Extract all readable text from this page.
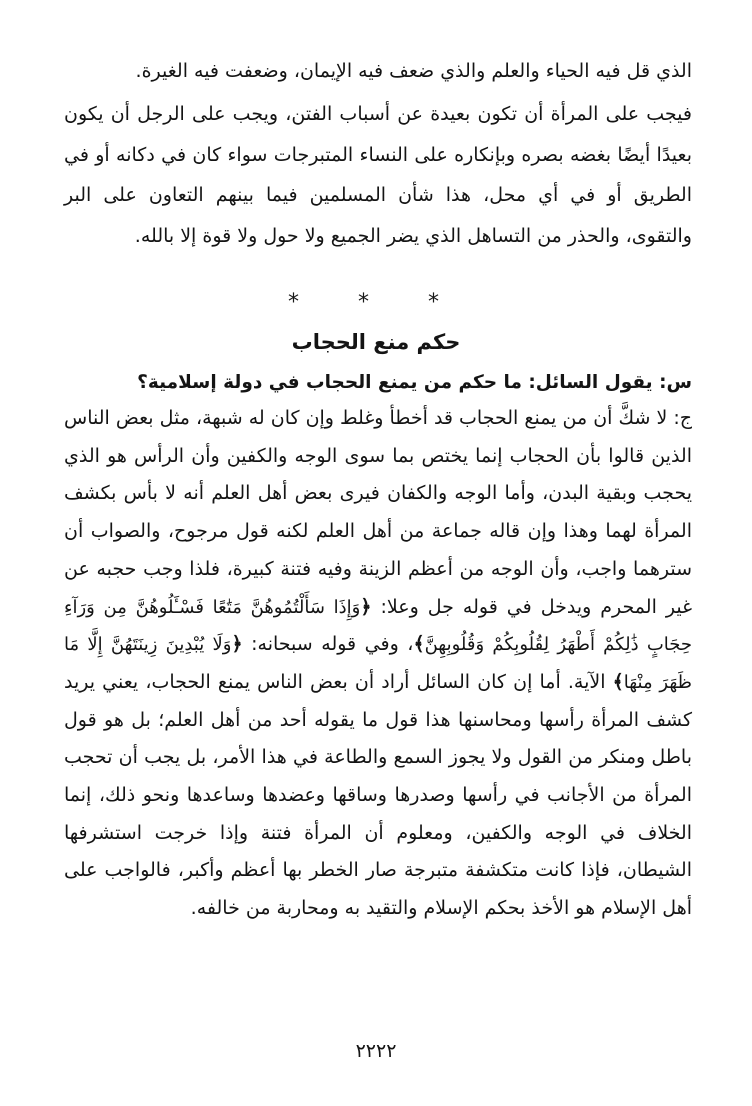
الذي قل فيه الحياء والعلم والذي ضعف فيه الإيمان، وضعفت فيه الغيرة.

فيجب على المرأة أن تكون بعيدة عن أسباب الفتن، ويجب على الرجل أن يكون بعيدًا أيضًا بغضه بصره وبإنكاره على النساء المتبرجات سواء كان في دكانه أو في الطريق أو في أي محل، هذا شأن المسلمين فيما بينهم التعاون على البر والتقوى، والحذر من التساهل الذي يضر الجميع ولا حول ولا قوة إلا بالله.

*	*	*
حكم منع الحجاب

س: يقول السائل: ما حكم من يمنع الحجاب في دولة إسلامية؟

ج: لا شكَّ أن من يمنع الحجاب قد أخطأ وغلط وإن كان له شبهة، مثل بعض الناس الذين قالوا بأن الحجاب إنما يختص بما سوى الوجه والكفين وأن الرأس هو الذي يحجب وبقية البدن، وأما الوجه والكفان فيرى بعض أهل العلم أنه لا بأس بكشف المرأة لهما وهذا وإن قاله جماعة من أهل العلم لكنه قول مرجوح، والصواب أن سترهما واجب، وأن الوجه من أعظم الزينة وفيه فتنة كبيرة، فلذا وجب حجبه عن غير المحرم ويدخل في قوله جل وعلا: ﴿وَإِذَا سَأَلْتُمُوهُنَّ مَتَٰعًا فَسْـَٔلُوهُنَّ مِن وَرَآءِ حِجَابٍ ذَٰلِكُمْ أَطْهَرُ لِقُلُوبِكُمْ وَقُلُوبِهِنَّ﴾، وفي قوله سبحانه: ﴿وَلَا يُبْدِينَ زِينَتَهُنَّ إِلَّا مَا ظَهَرَ مِنْهَا﴾ الآية. أما إن كان السائل أراد أن بعض الناس يمنع الحجاب، يعني يريد كشف المرأة رأسها ومحاسنها هذا قول ما يقوله أحد من أهل العلم؛ بل هو قول باطل ومنكر من القول ولا يجوز السمع والطاعة في هذا الأمر، بل يجب أن تحجب المرأة من الأجانب في رأسها وصدرها وساقها وعضدها وساعدها ونحو ذلك، إنما الخلاف في الوجه والكفين، ومعلوم أن المرأة فتنة وإذا خرجت استشرفها الشيطان، فإذا كانت متكشفة متبرجة صار الخطر بها أعظم وأكبر، فالواجب على أهل الإسلام هو الأخذ بحكم الإسلام والتقيد به ومحاربة من خالفه.

٢٢٢٢
